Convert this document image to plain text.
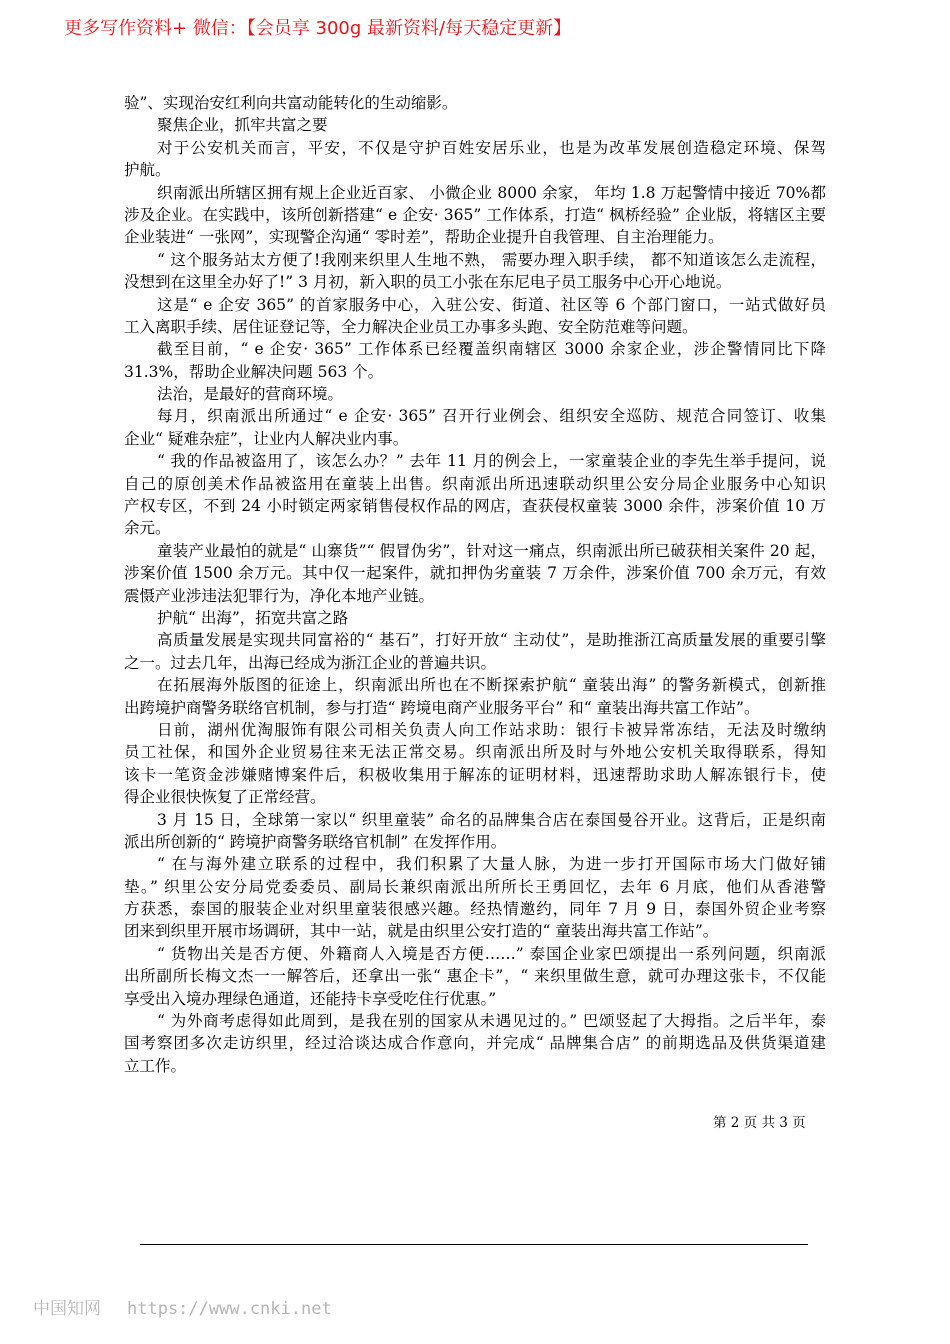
更多写作资料+ 微信：【会员享 300g 最新资料/每天稳定更新】
验”、实现治安红利向共富动能转化的生动缩影。
聚焦企业，抓牢共富之要
对于公安机关而言，平安，不仅是守护百姓安居乐业，也是为改革发展创造稳定环境、保驾
护航。
织南派出所辖区拥有规上企业近百家、 小微企业 8000 余家， 年均 1.8 万起警情中接近 70%都
涉及企业。在实践中，该所创新搭建“ e 企安· 365” 工作体系，打造“ 枫桥经验” 企业版，将辖区主要
企业装进“ 一张网”，实现警企沟通“ 零时差”，帮助企业提升自我管理、自主治理能力。
“ 这个服务站太方便了!我刚来织里人生地不熟， 需要办理入职手续， 都不知道该怎么走流程，
没想到在这里全办好了!” 3 月初，新入职的员工小张在东尼电子员工服务中心开心地说。
这是“ e 企安 365” 的首家服务中心，入驻公安、街道、社区等 6 个部门窗口，一站式做好员
工入离职手续、居住证登记等，全力解决企业员工办事多头跑、安全防范难等问题。
截至目前，“ e 企安· 365” 工作体系已经覆盖织南辖区 3000 余家企业，涉企警情同比下降
31.3%，帮助企业解决问题 563 个。
法治，是最好的营商环境。
每月，织南派出所通过“ e 企安· 365” 召开行业例会、组织安全巡防、规范合同签订、收集
企业“ 疑难杂症”，让业内人解决业内事。
“ 我的作品被盗用了，该怎么办？” 去年 11 月的例会上，一家童装企业的李先生举手提问，说
自己的原创美术作品被盗用在童装上出售。织南派出所迅速联动织里公安分局企业服务中心知识
产权专区，不到 24 小时锁定两家销售侵权作品的网店，查获侵权童装 3000 余件，涉案价值 10 万
余元。
童装产业最怕的就是“ 山寨货”“ 假冒伪劣”，针对这一痛点，织南派出所已破获相关案件 20 起，
涉案价值 1500 余万元。其中仅一起案件，就扣押伪劣童装 7 万余件，涉案价值 700 余万元，有效
震慑产业涉违法犯罪行为，净化本地产业链。
护航“ 出海”，拓宽共富之路
高质量发展是实现共同富裕的“ 基石”，打好开放“ 主动仗”，是助推浙江高质量发展的重要引擎
之一。过去几年，出海已经成为浙江企业的普遍共识。
在拓展海外版图的征途上，织南派出所也在不断探索护航“ 童装出海” 的警务新模式，创新推
出跨境护商警务联络官机制，参与打造“ 跨境电商产业服务平台” 和“ 童装出海共富工作站”。
日前，湖州优淘服饰有限公司相关负责人向工作站求助：银行卡被异常冻结，无法及时缴纳
员工社保，和国外企业贸易往来无法正常交易。织南派出所及时与外地公安机关取得联系，得知
该卡一笔资金涉嫌赌博案件后，积极收集用于解冻的证明材料，迅速帮助求助人解冻银行卡，使
得企业很快恢复了正常经营。
3 月 15 日，全球第一家以“ 织里童装” 命名的品牌集合店在泰国曼谷开业。这背后，正是织南
派出所创新的“ 跨境护商警务联络官机制” 在发挥作用。
“ 在与海外建立联系的过程中，我们积累了大量人脉，为进一步打开国际市场大门做好铺
垫。” 织里公安分局党委委员、副局长兼织南派出所所长王勇回忆，去年 6 月底，他们从香港警
方获悉，泰国的服装企业对织里童装很感兴趣。经热情邀约，同年 7 月 9 日，泰国外贸企业考察
团来到织里开展市场调研，其中一站，就是由织里公安打造的“ 童装出海共富工作站”。
“ 货物出关是否方便、外籍商人入境是否方便……” 泰国企业家巴颂提出一系列问题，织南派
出所副所长梅文杰一一解答后，还拿出一张“ 惠企卡”，“ 来织里做生意，就可办理这张卡，不仅能
享受出入境办理绿色通道，还能持卡享受吃住行优惠。”
“ 为外商考虑得如此周到，是我在别的国家从未遇见过的。” 巴颂竖起了大拇指。之后半年，泰
国考察团多次走访织里，经过洽谈达成合作意向，并完成“ 品牌集合店” 的前期选品及供货渠道建
立工作。
第 2 页 共 3 页
中国知网 https://www.cnki.net
